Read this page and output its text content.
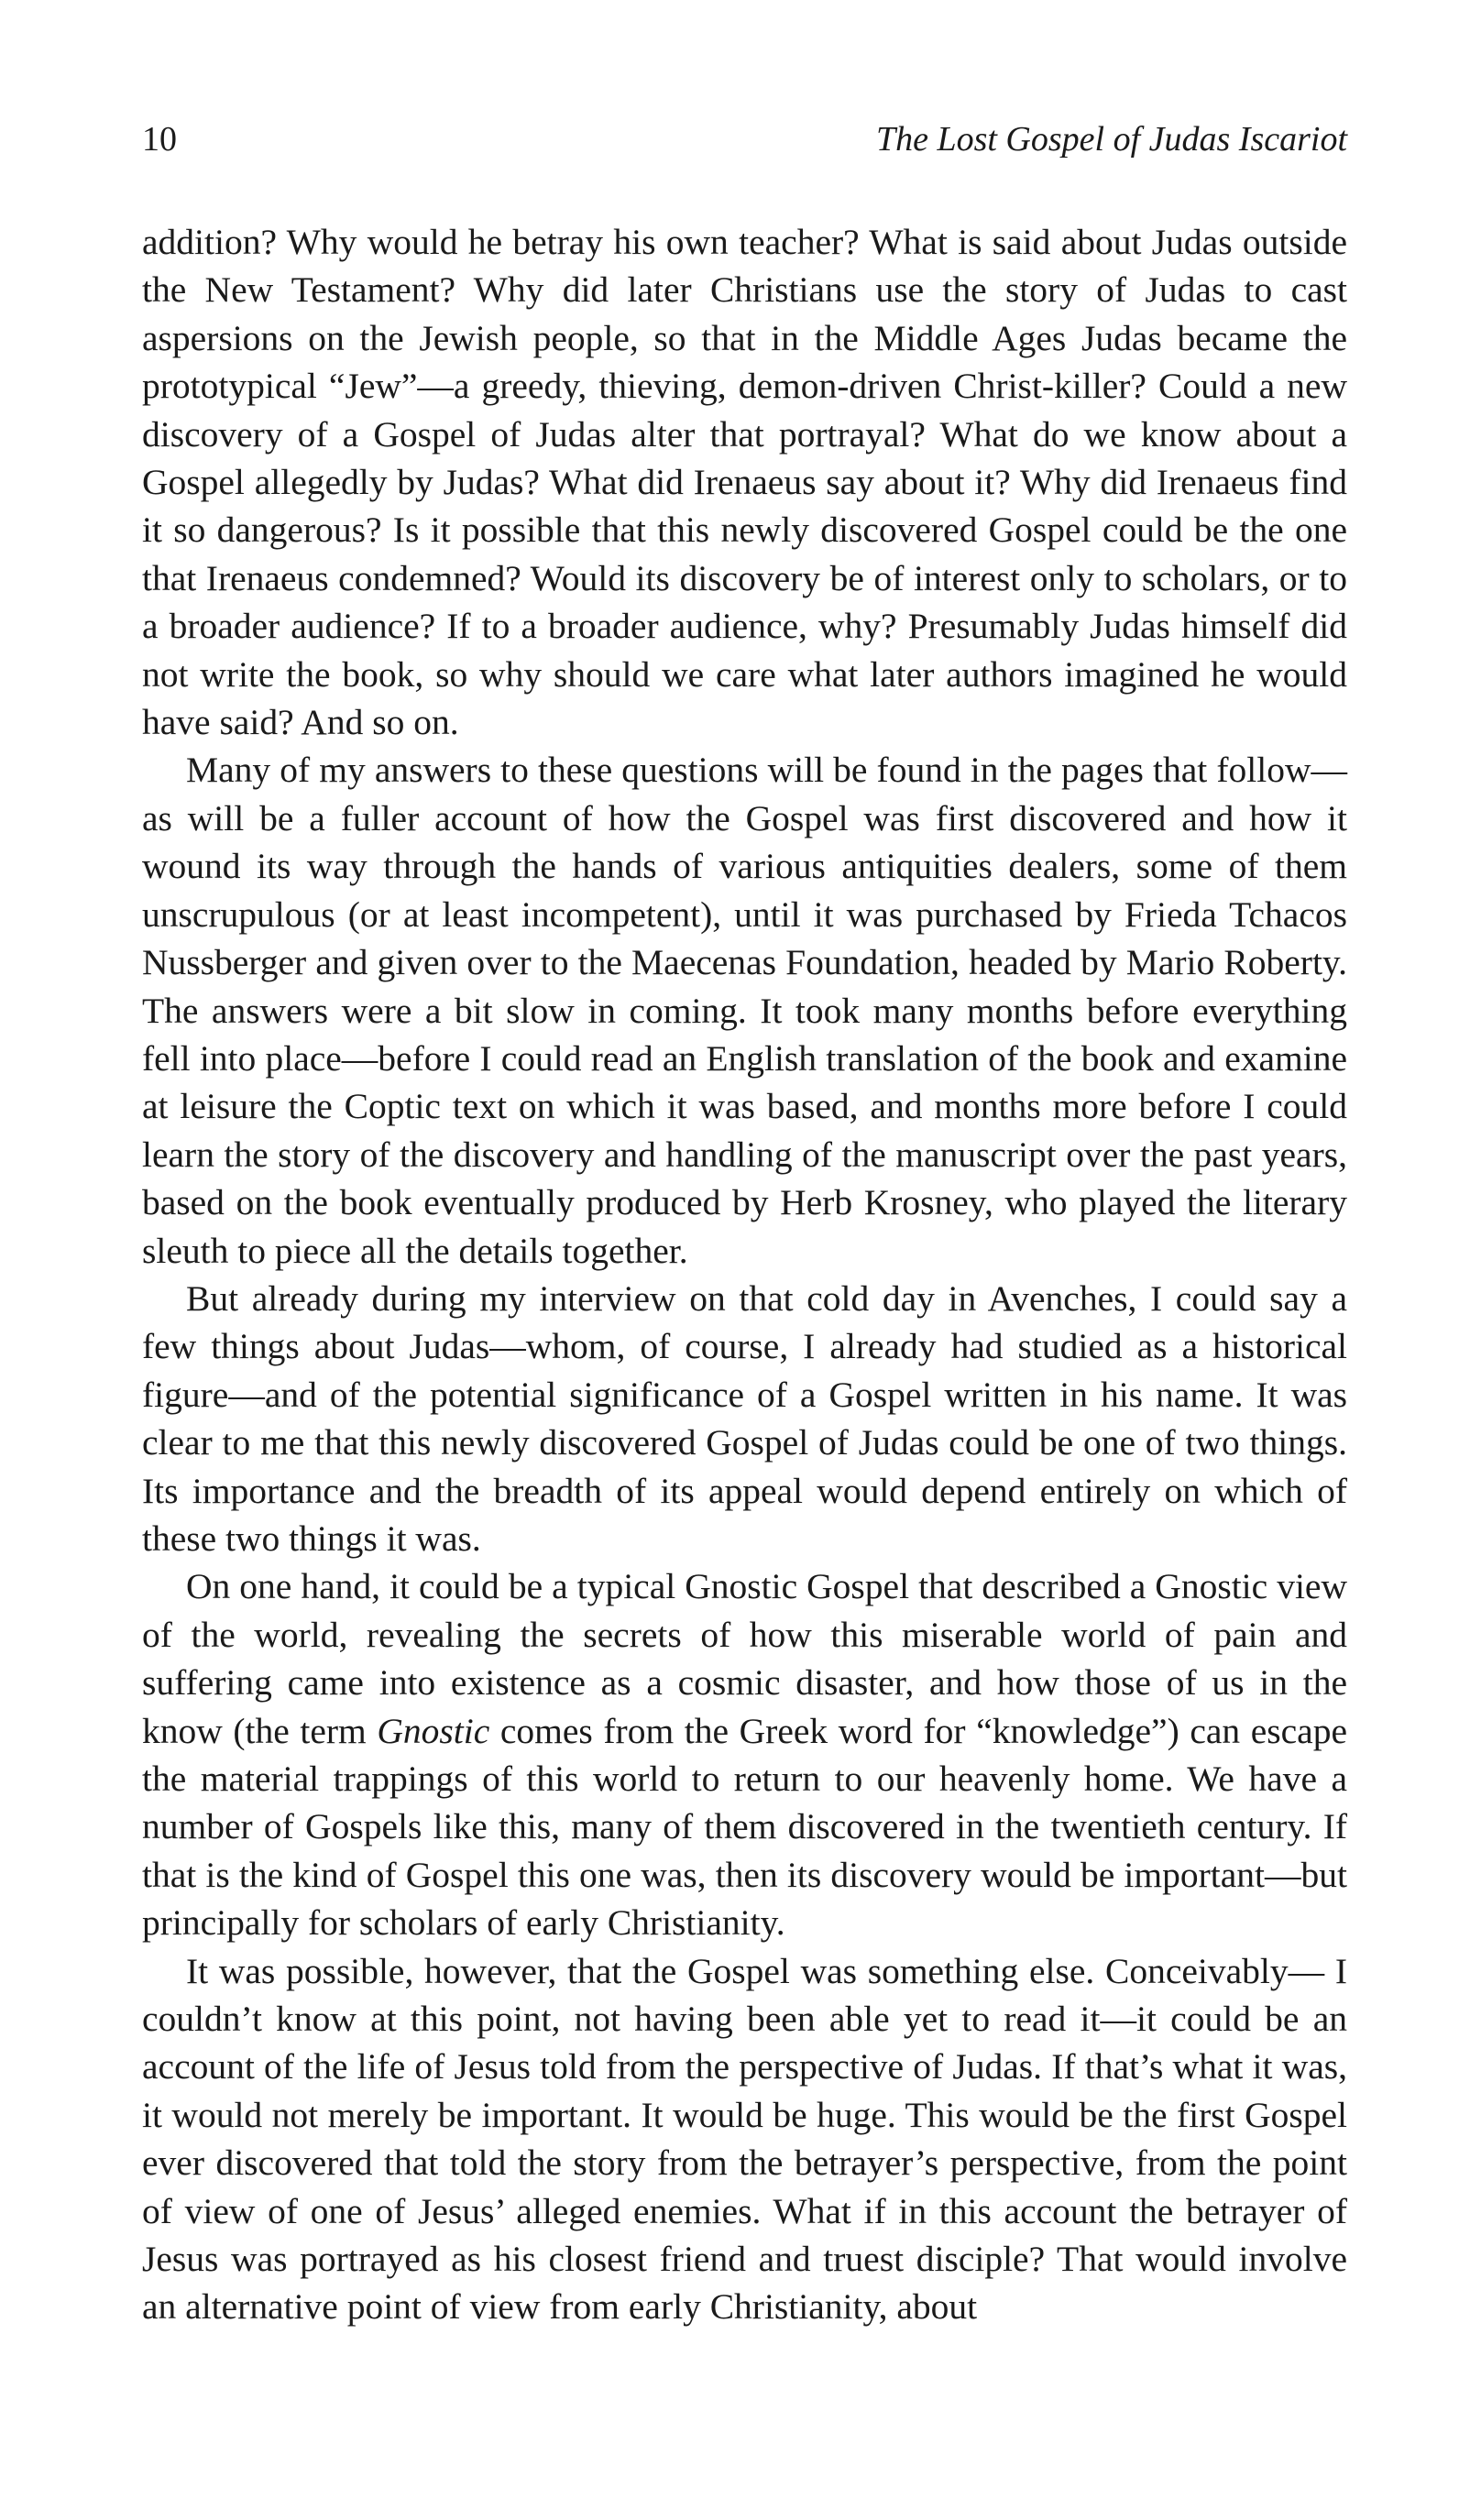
10	The Lost Gospel of Judas Iscariot

addition? Why would he betray his own teacher? What is said about Judas outside the New Testament? Why did later Christians use the story of Judas to cast aspersions on the Jewish people, so that in the Middle Ages Judas became the prototypical “Jew”—a greedy, thieving, demon-driven Christ-killer? Could a new discovery of a Gospel of Judas alter that portrayal? What do we know about a Gospel allegedly by Judas? What did Irenaeus say about it? Why did Irenaeus find it so dangerous? Is it possible that this newly discovered Gospel could be the one that Irenaeus condemned? Would its discovery be of interest only to scholars, or to a broader audience? If to a broader audience, why? Presumably Judas himself did not write the book, so why should we care what later authors imagined he would have said? And so on.

Many of my answers to these questions will be found in the pages that follow—as will be a fuller account of how the Gospel was first discovered and how it wound its way through the hands of various antiquities dealers, some of them unscrupulous (or at least incompetent), until it was purchased by Frieda Tchacos Nussberger and given over to the Maecenas Foundation, headed by Mario Roberty. The answers were a bit slow in coming. It took many months before everything fell into place—before I could read an English translation of the book and examine at leisure the Coptic text on which it was based, and months more before I could learn the story of the discovery and handling of the manuscript over the past years, based on the book eventually produced by Herb Krosney, who played the literary sleuth to piece all the details together.

But already during my interview on that cold day in Avenches, I could say a few things about Judas—whom, of course, I already had studied as a historical figure—and of the potential significance of a Gospel written in his name. It was clear to me that this newly discovered Gospel of Judas could be one of two things. Its importance and the breadth of its appeal would depend entirely on which of these two things it was.

On one hand, it could be a typical Gnostic Gospel that described a Gnostic view of the world, revealing the secrets of how this miserable world of pain and suffering came into existence as a cosmic disaster, and how those of us in the know (the term Gnostic comes from the Greek word for “knowledge”) can escape the material trappings of this world to return to our heavenly home. We have a number of Gospels like this, many of them discovered in the twentieth century. If that is the kind of Gospel this one was, then its discovery would be important—but principally for scholars of early Christianity.

It was possible, however, that the Gospel was something else. Conceivably— I couldn’t know at this point, not having been able yet to read it—it could be an account of the life of Jesus told from the perspective of Judas. If that’s what it was, it would not merely be important. It would be huge. This would be the first Gospel ever discovered that told the story from the betrayer’s perspective, from the point of view of one of Jesus’ alleged enemies. What if in this account the betrayer of Jesus was portrayed as his closest friend and truest disciple? That would involve an alternative point of view from early Christianity, about
